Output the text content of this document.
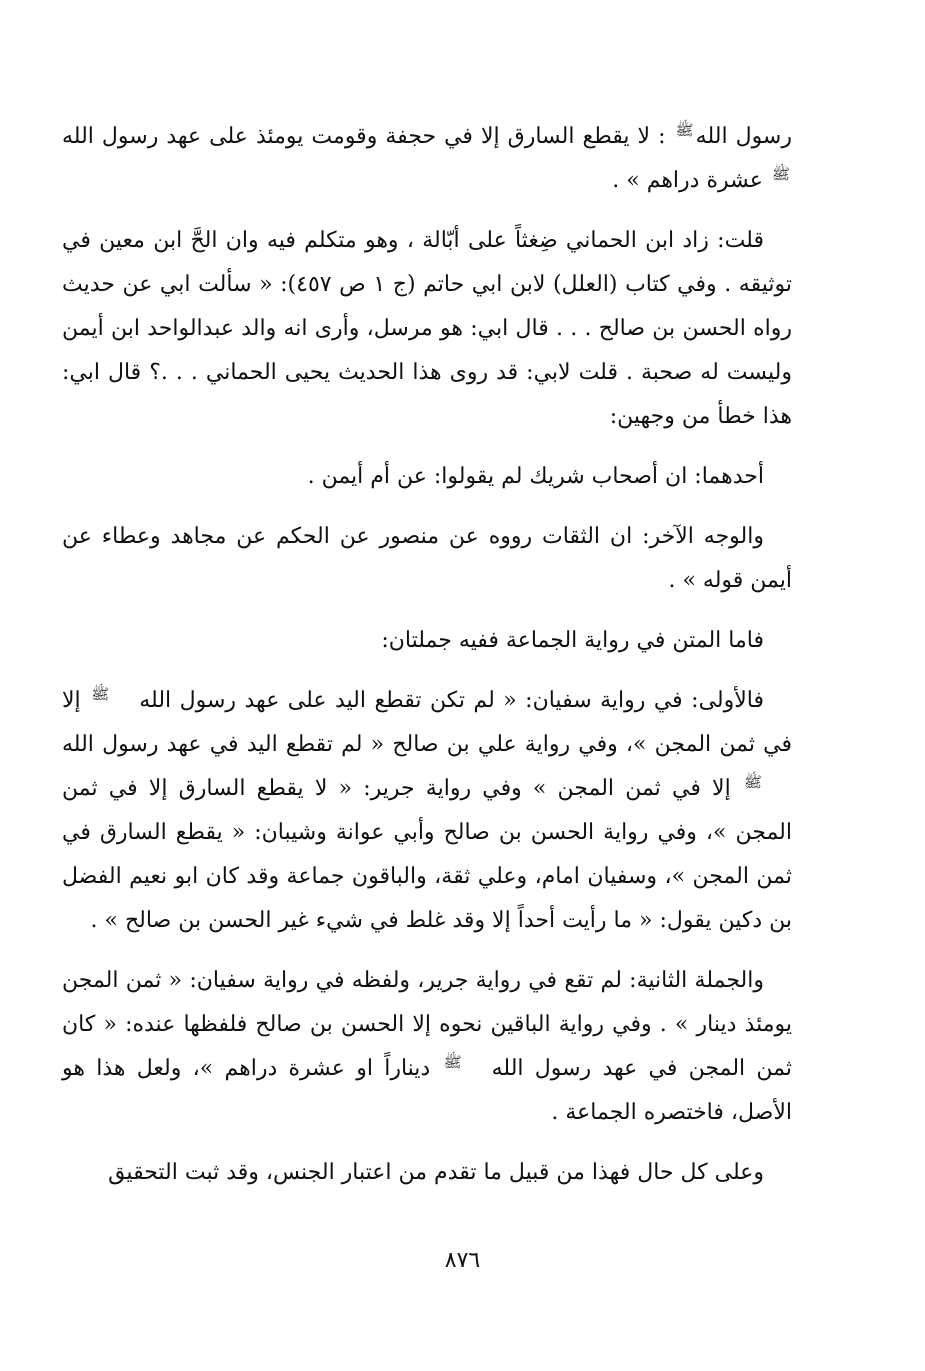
رسول اللهﷺ : لا يقطع السارق إلا في حجفة وقومت يومئذ على عهد رسول الله ﷺ عشرة دراهم » .

قلت: زاد ابن الحماني ضِغثاً على أبّالة ، وهو متكلم فيه وان الحَّ ابن معين في توثيقه . وفي كتاب (العلل) لابن ابي حاتم (ج ١ ص ٤٥٧): « سألت ابي عن حديث رواه الحسن بن صالح . . . قال ابي: هو مرسل، وأرى انه والد عبدالواحد ابن أيمن وليست له صحبة . قلت لابي: قد روى هذا الحديث يحيى الحماني . . .؟ قال ابي: هذا خطأ من وجهين:

أحدهما: ان أصحاب شريك لم يقولوا: عن أم أيمن .

والوجه الآخر: ان الثقات رووه عن منصور عن الحكم عن مجاهد وعطاء عن أيمن قوله » .

فاما المتن في رواية الجماعة ففيه جملتان:

فالأولى: في رواية سفيان: « لم تكن تقطع اليد على عهد رسول اللهﷺ إلا في ثمن المجن »، وفي رواية علي بن صالح « لم تقطع اليد في عهد رسول اللهﷺ إلا في ثمن المجن » وفي رواية جرير: « لا يقطع السارق إلا في ثمن المجن »، وفي رواية الحسن بن صالح وأبي عوانة وشيبان: « يقطع السارق في ثمن المجن »، وسفيان امام، وعلي ثقة، والباقون جماعة وقد كان ابو نعيم الفضل بن دكين يقول: « ما رأيت أحداً إلا وقد غلط في شيء غير الحسن بن صالح » .

والجملة الثانية: لم تقع في رواية جرير، ولفظه في رواية سفيان: « ثمن المجن يومئذ دينار » . وفي رواية الباقين نحوه إلا الحسن بن صالح فلفظها عنده: « كان ثمن المجن في عهد رسول اللهﷺ ديناراً او عشرة دراهم »، ولعل هذا هو الأصل، فاختصره الجماعة .

وعلى كل حال فهذا من قبيل ما تقدم من اعتبار الجنس، وقد ثبت التحقيق

٨٧٦
